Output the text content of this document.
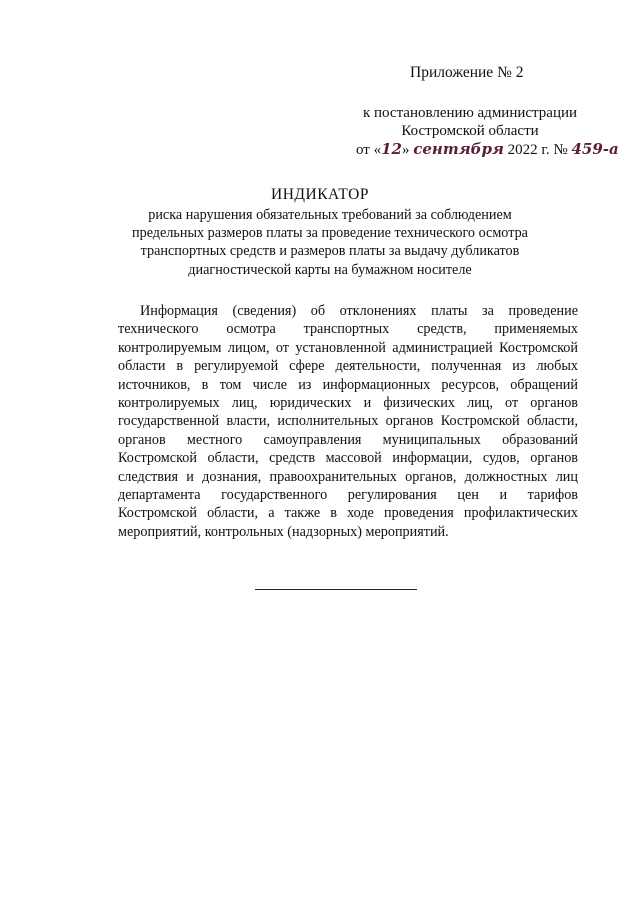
Приложение № 2
к постановлению администрации
Костромской области
от «12» сентября 2022 г. № 459-а
ИНДИКАТОР
риска нарушения обязательных требований за соблюдением
предельных размеров платы за проведение технического осмотра
транспортных средств и размеров платы за выдачу дубликатов
диагностической карты на бумажном носителе
Информация (сведения) об отклонениях платы за проведение
технического осмотра транспортных средств, применяемых
контролируемым лицом, от установленной администрацией Костромской
области в регулируемой сфере деятельности, полученная из любых
источников, в том числе из информационных ресурсов, обращений
контролируемых лиц, юридических и физических лиц, от органов
государственной власти, исполнительных органов Костромской области,
органов местного самоуправления муниципальных образований
Костромской области, средств массовой информации, судов, органов
следствия и дознания, правоохранительных органов, должностных лиц
департамента государственного регулирования цен и тарифов
Костромской области, а также в ходе проведения профилактических
мероприятий, контрольных (надзорных) мероприятий.
